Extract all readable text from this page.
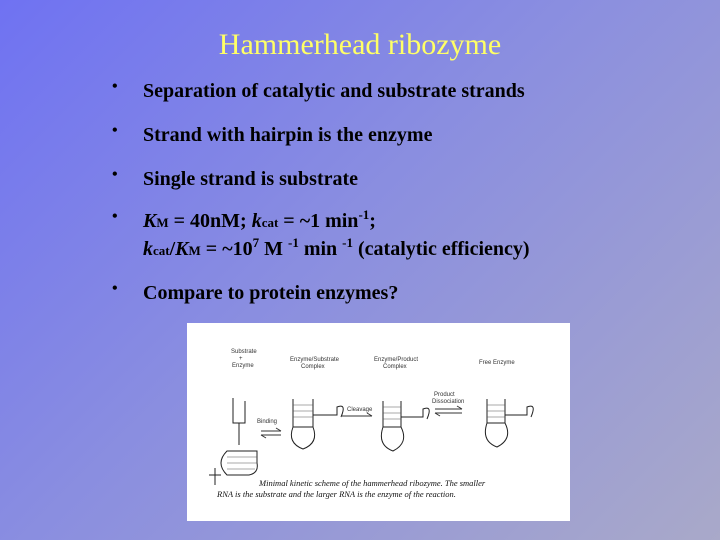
Hammerhead ribozyme
• Separation of catalytic and substrate strands
• Strand with hairpin is the enzyme
• Single strand is substrate
• KM = 40nM; kcat = ~1 $\min^{-1}$;
kcat/KM = $\sim 10^7$ M $^{-1}$ min $^{-1}$ (catalytic efficiency)
• Compare to protein enzymes?
Substrate
+
Enzyme
Enzyme/Substrate
Complex
Enzyme/Product
Complex
Free Enzyme
Product
Dissociation
Cleavage
Binding
Minimal kinetic scheme of the hammerhead ribozyme. The smaller
RNA is the substrate and the larger RNA is the enzyme of the reaction.
